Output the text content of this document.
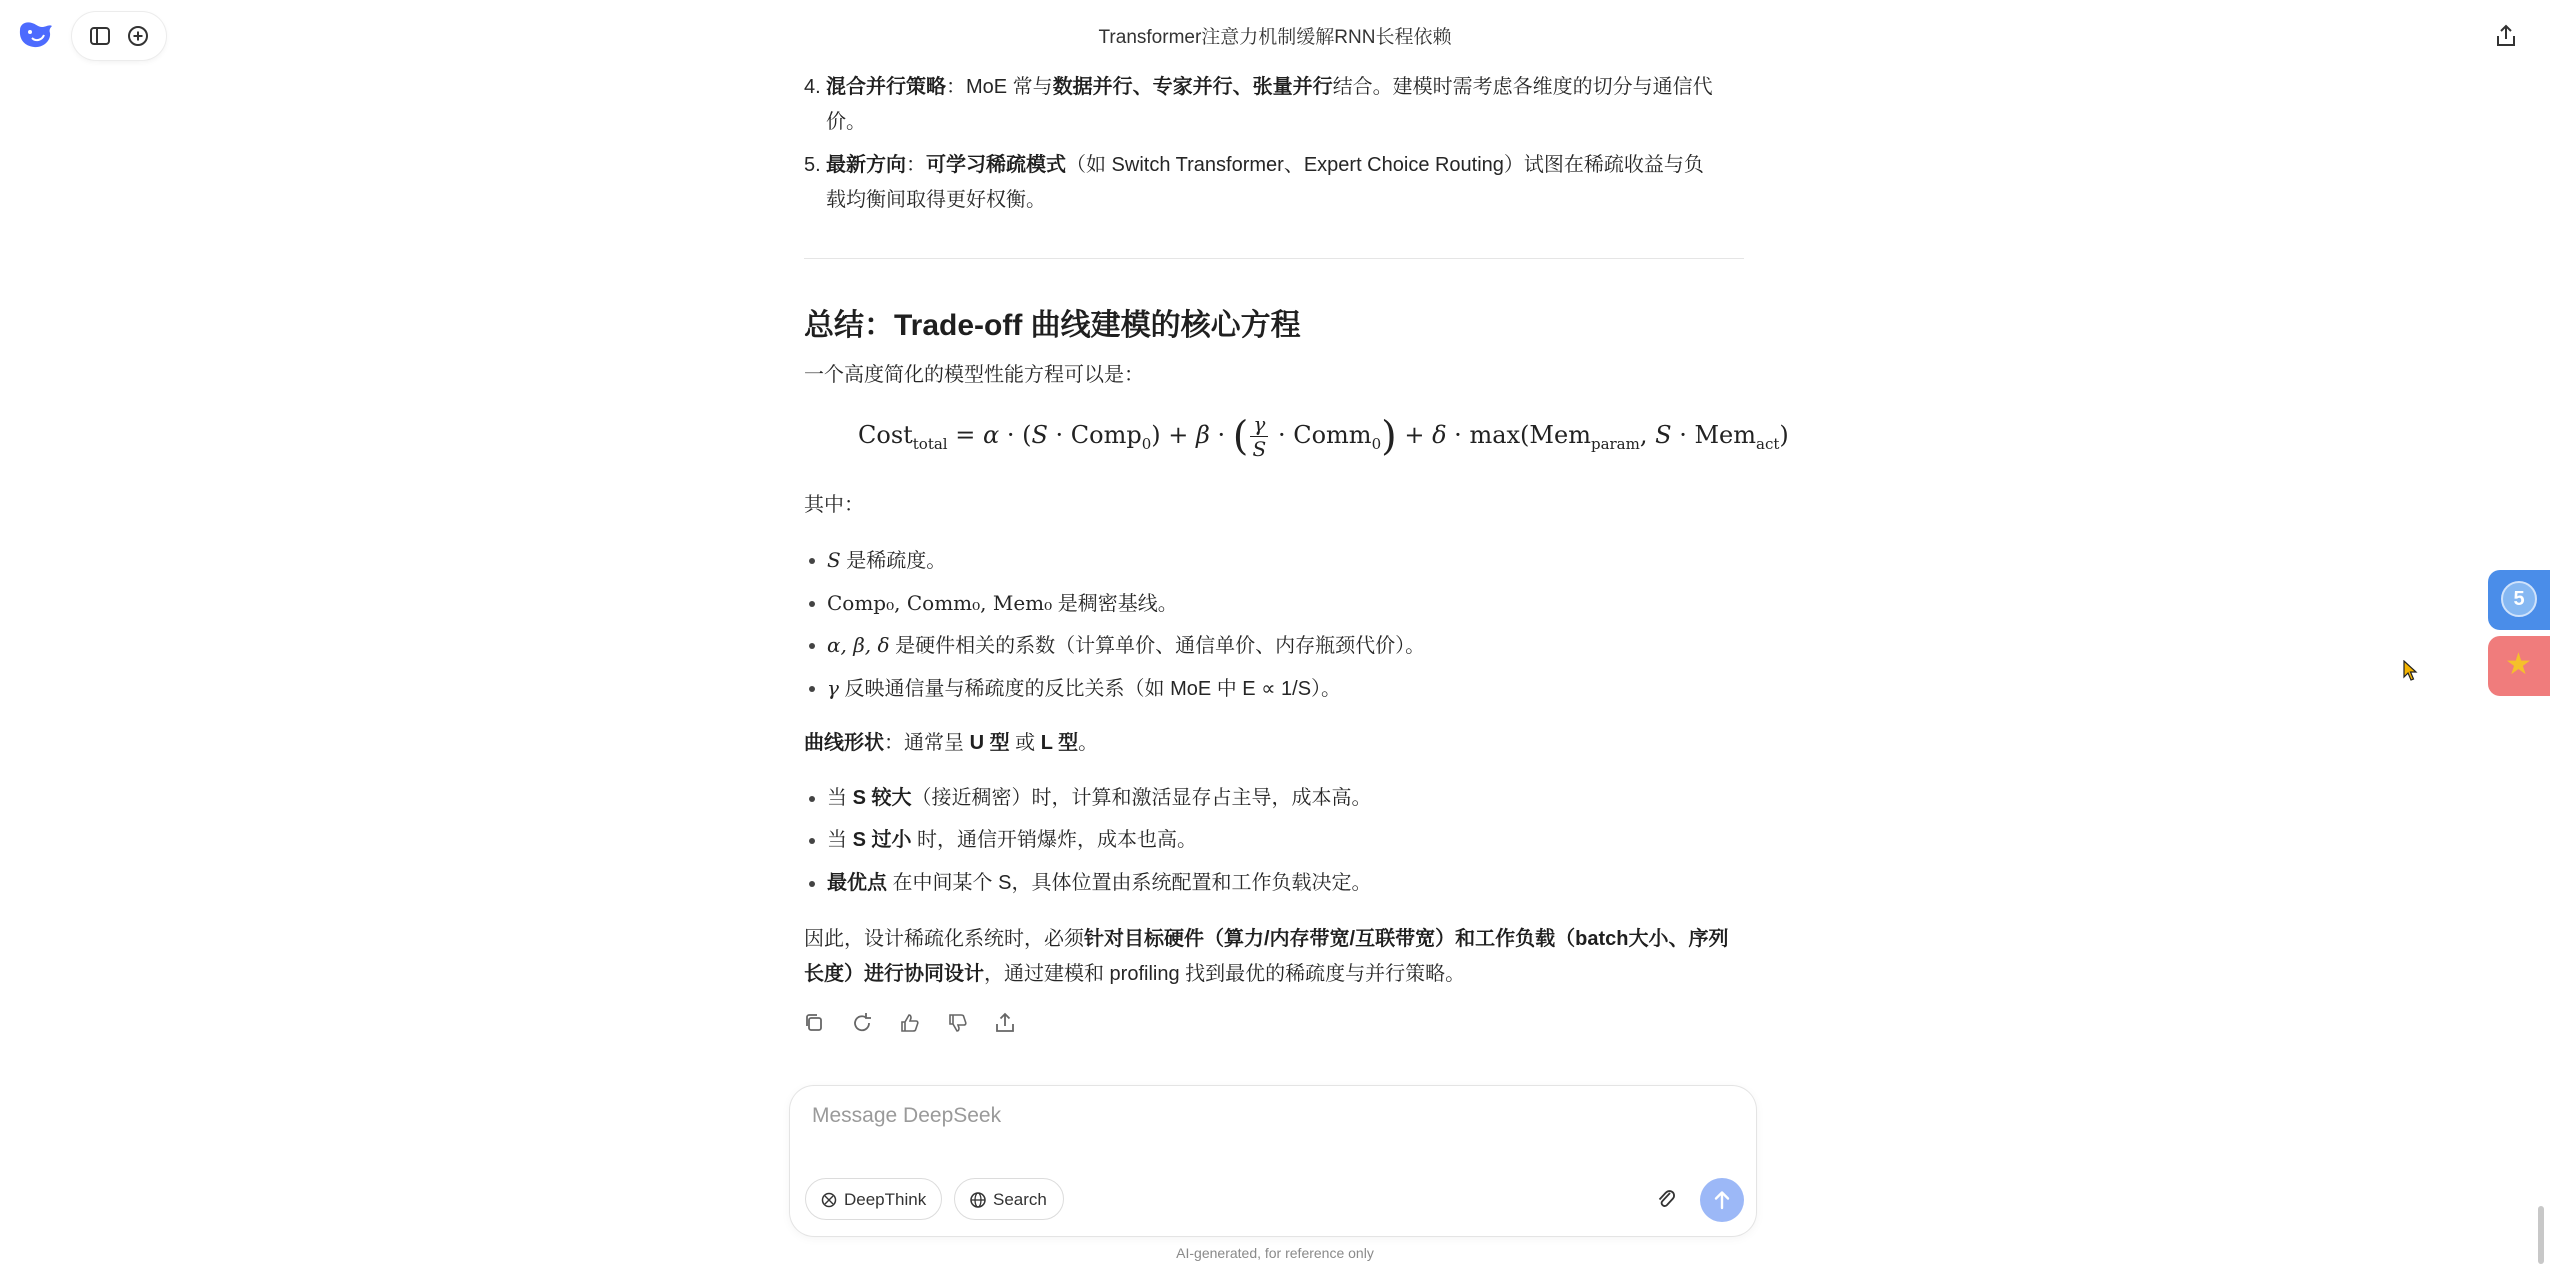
Transformer注意力机制缓解RNN长程依赖
4. 混合并行策略：MoE 常与数据并行、专家并行、张量并行结合。建模时需考虑各维度的切分与通信代
价。
5. 最新方向：可学习稀疏模式（如 Switch Transformer、Expert Choice Routing）试图在稀疏收益与负
载均衡间取得更好权衡。
总结：Trade-off 曲线建模的核心方程
一个高度简化的模型性能方程可以是：
Cost$_{total}$ = α · (S · Comp$_0$) + β · ( $\frac{\gamma}{S}$ · Comm$_0$) + δ · max(Mem$_{param}$, S · Mem$_{act}$)
其中：
S 是稀疏度。
Comp₀, Comm₀, Mem₀ 是稠密基线。
α, β, δ 是硬件相关的系数（计算单价、通信单价、内存瓶颈代价）。
γ 反映通信量与稀疏度的反比关系（如 MoE 中 E ∝ 1/S）。
曲线形状：通常呈 U 型 或 L 型。
当 S 较大（接近稠密）时，计算和激活显存占主导，成本高。
当 S 过小 时，通信开销爆炸，成本也高。
最优点 在中间某个 S，具体位置由系统配置和工作负载决定。
因此，设计稀疏化系统时，必须针对目标硬件（算力/内存带宽/互联带宽）和工作负载（batch大小、序列
长度）进行协同设计，通过建模和 profiling 找到最优的稀疏度与并行策略。
Message DeepSeek
DeepThink	Search
AI-generated, for reference only
5
★
